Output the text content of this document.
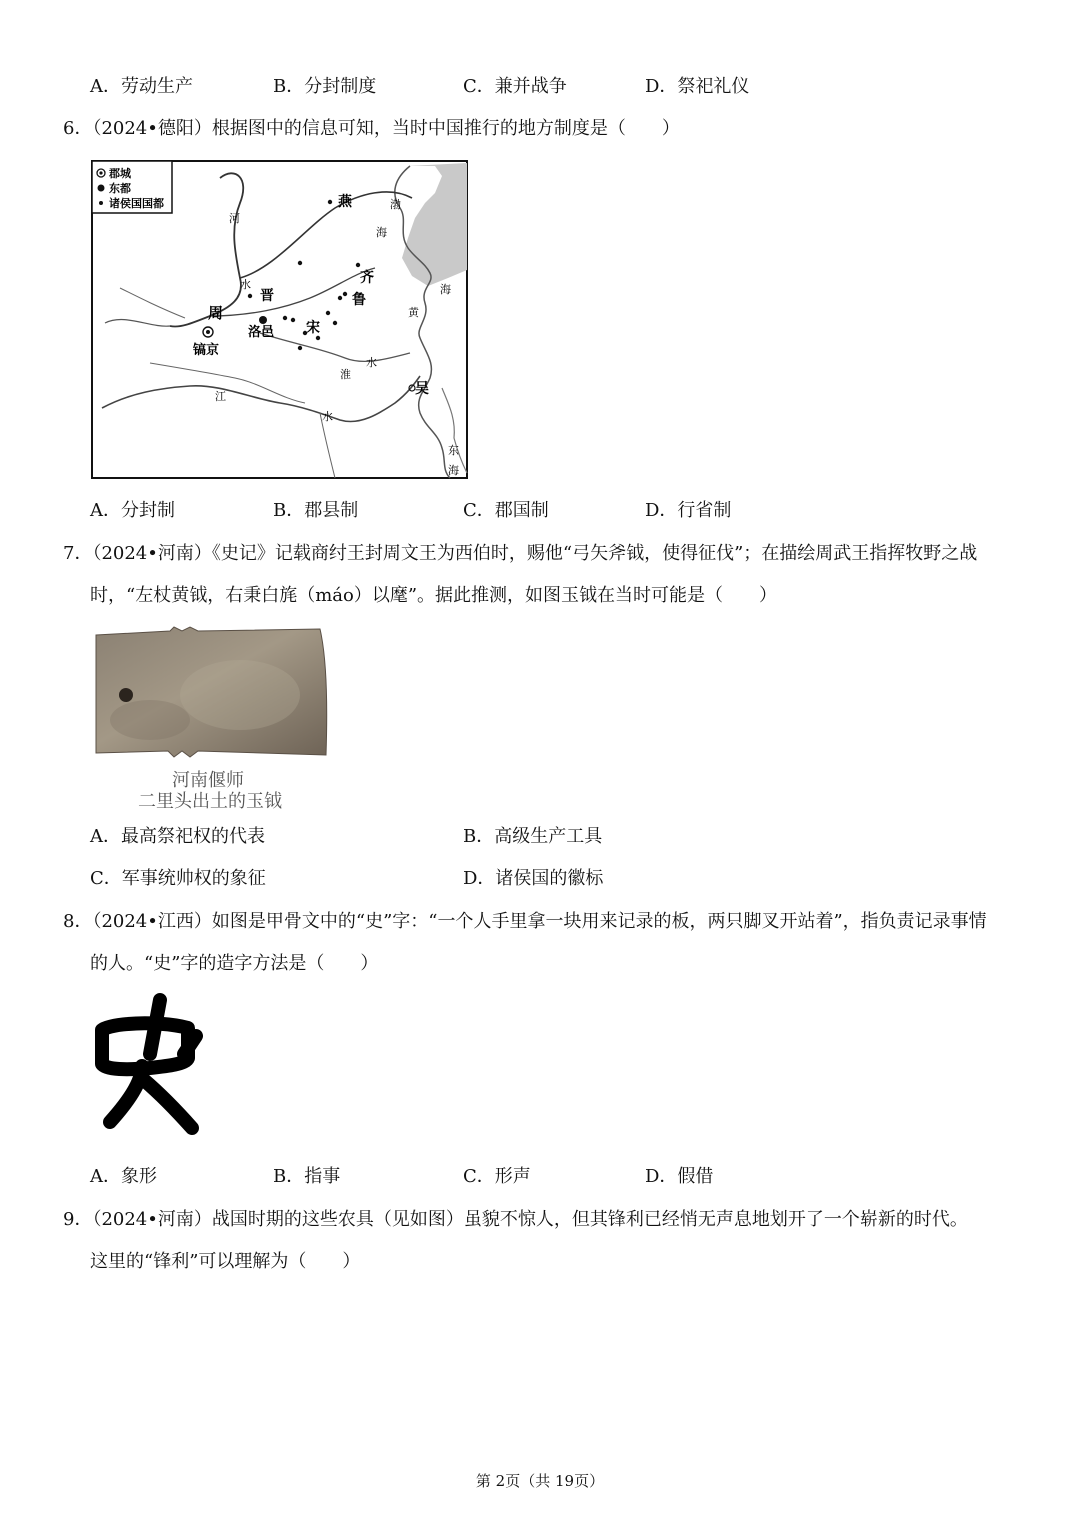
A．劳动生产	B．分封制度	C．兼并战争	D．祭祀礼仪
6．（2024•德阳）根据图中的信息可知，当时中国推行的地方制度是（　　）
郡城
东都
诸侯国国都
河
水
燕	渤
海
齐
晋	鲁
周
洛邑 宋
镐京
黄
海
淮
水
吴
江
水
东
海
A．分封制	B．郡县制	C．郡国制	D．行省制
7．（2024•河南）《史记》记载商纣王封周文王为西伯时，赐他“弓矢斧钺，使得征伐”；在描绘周武王指挥牧野之战
时，“左杖黄钺，右秉白旄（máo）以麾”。据此推测，如图玉钺在当时可能是（　　）
河南偃师
二里头出土的玉钺
A．最高祭祀权的代表	B．高级生产工具
C．军事统帅权的象征	D．诸侯国的徽标
8．（2024•江西）如图是甲骨文中的“史”字：“一个人手里拿一块用来记录的板，两只脚叉开站着”，指负责记录事情
的人。“史”字的造字方法是（　　）
A．象形	B．指事	C．形声	D．假借
9．（2024•河南）战国时期的这些农具（见如图）虽貌不惊人，但其锋利已经悄无声息地划开了一个崭新的时代。
这里的“锋利”可以理解为（　　）
第 2页（共 19页）
